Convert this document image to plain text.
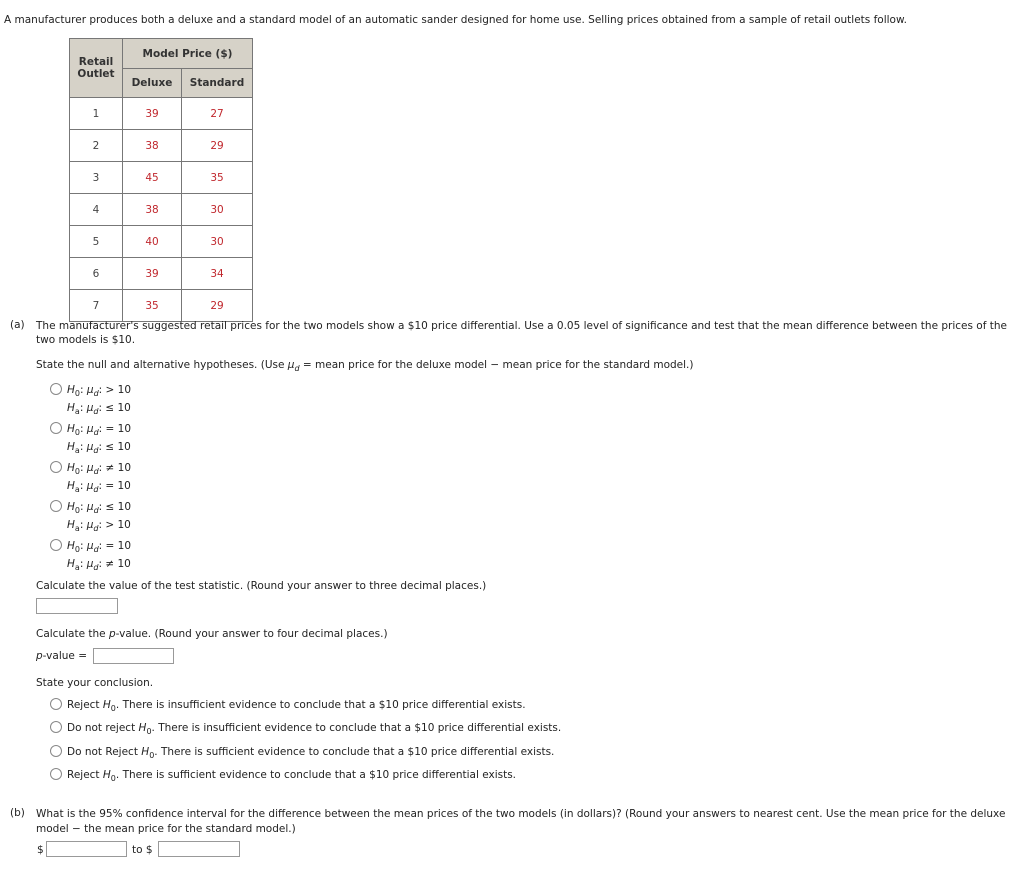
A manufacturer produces both a deluxe and a standard model of an automatic sander designed for home use. Selling prices obtained from a sample of retail outlets follow.
Retail Outlet	Model Price ($)	
	Deluxe	Standard
1	39	27
2	38	29
3	45	35
4	38	30
5	40	30
6	39	34
7	35	29
(a) The manufacturer's suggested retail prices for the two models show a $10 price differential. Use a 0.05 level of significance and test that the mean difference between the prices of the two models is $10.
State the null and alternative hypotheses. (Use $\mu_d$ = mean price for the deluxe model − mean price for the standard model.)
$H_0$: $\mu_d$: > 10
$H_a$: $\mu_d$: ≤ 10
$H_0$: $\mu_d$: = 10
$H_a$: $\mu_d$: ≤ 10
$H_0$: $\mu_d$: ≠ 10
$H_a$: $\mu_d$: = 10
$H_0$: $\mu_d$: ≤ 10
$H_a$: $\mu_d$: > 10
$H_0$: $\mu_d$: = 10
$H_a$: $\mu_d$: ≠ 10
Calculate the value of the test statistic. (Round your answer to three decimal places.)
Calculate the p-value. (Round your answer to four decimal places.)
p-value =
State your conclusion.
Reject $H_0$. There is insufficient evidence to conclude that a $10 price differential exists.
Do not reject $H_0$. There is insufficient evidence to conclude that a $10 price differential exists.
Do not Reject $H_0$. There is sufficient evidence to conclude that a $10 price differential exists.
Reject $H_0$. There is sufficient evidence to conclude that a $10 price differential exists.
(b) What is the 95% confidence interval for the difference between the mean prices of the two models (in dollars)? (Round your answers to nearest cent. Use the mean price for the deluxe model − the mean price for the standard model.)
$	to $
